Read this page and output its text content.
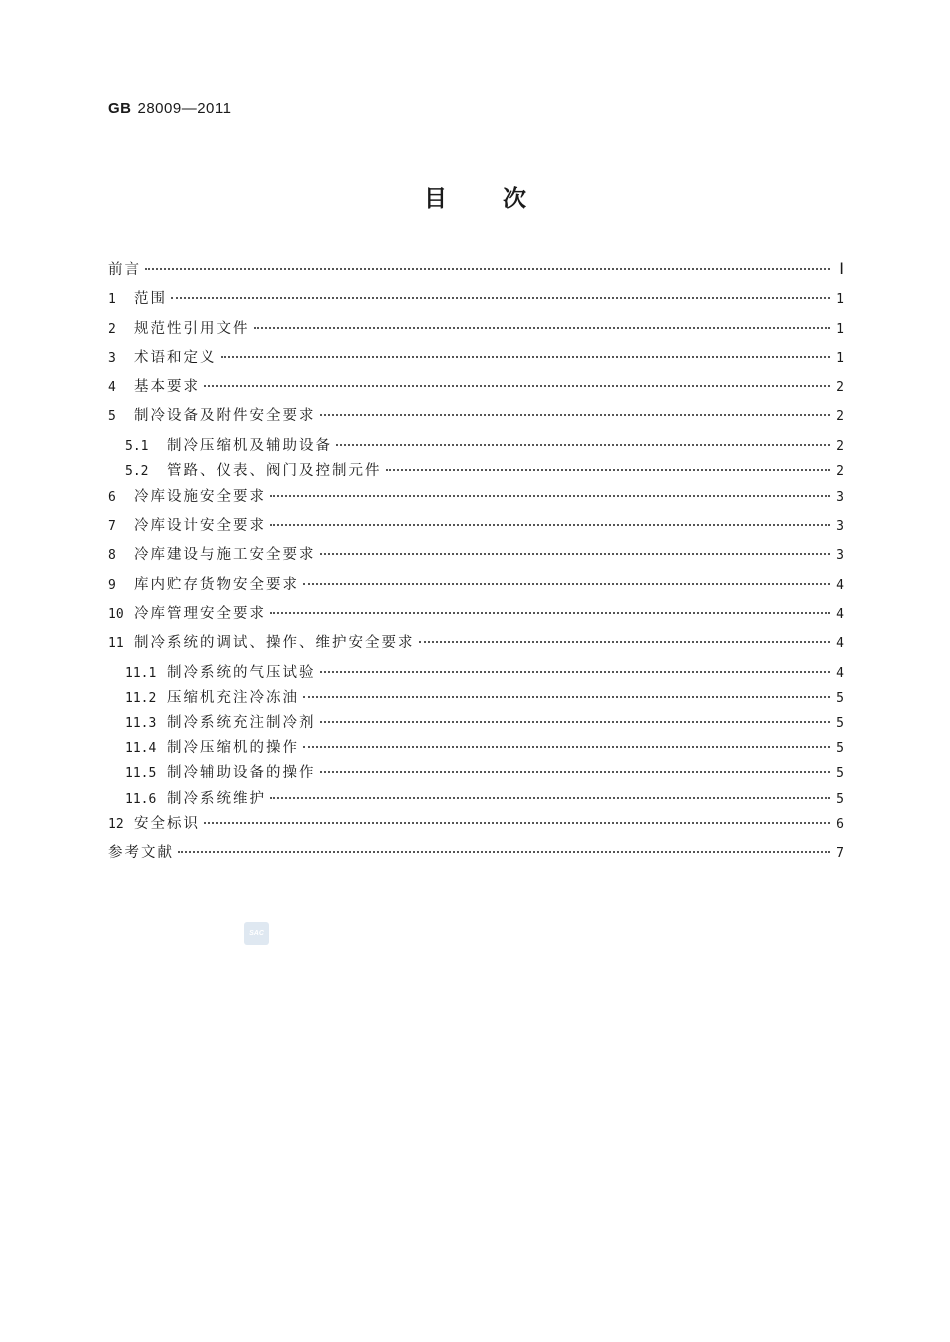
GB 28009—2011
目 次
前言	Ⅰ
1	范围	1
2	规范性引用文件	1
3	术语和定义	1
4	基本要求	2
5	制冷设备及附件安全要求	2
5.1	制冷压缩机及辅助设备	2
5.2	管路、仪表、阀门及控制元件	2
6	冷库设施安全要求	3
7	冷库设计安全要求	3
8	冷库建设与施工安全要求	3
9	库内贮存货物安全要求	4
10 冷库管理安全要求	4
11 制冷系统的调试、操作、维护安全要求	4
11.1 制冷系统的气压试验	4
11.2 压缩机充注冷冻油	5
11.3 制冷系统充注制冷剂	5
11.4 制冷压缩机的操作	5
11.5 制冷辅助设备的操作	5
11.6 制冷系统维护	5
12 安全标识	6
参考文献	7
SAC
